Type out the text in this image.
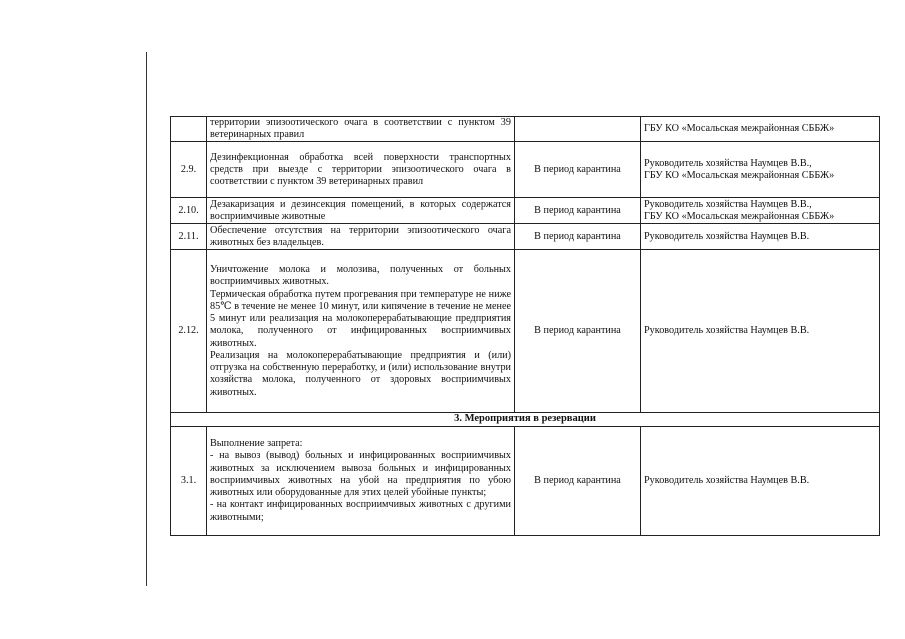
	территории эпизоотического очага в соответствии с пунктом 39 ветеринарных правил		ГБУ КО «Мосальская межрайонная СББЖ»

2.9.	Дезинфекционная обработка всей поверхности транспортных средств при выезде с территории эпизоотического очага в соответствии с пунктом 39 ветеринарных правил	В период карантина	Руководитель хозяйства Наумцев В.В.,
ГБУ КО «Мосальская межрайонная СББЖ»

2.10.	Дезакаризация и дезинсекция помещений, в которых содержатся восприимчивые животные	В период карантина	Руководитель хозяйства Наумцев В.В.,
ГБУ КО «Мосальская межрайонная СББЖ»

2.11.	Обеспечение отсутствия на территории эпизоотического очага животных без владельцев.	В период карантина	Руководитель хозяйства Наумцев В.В.

2.12.	Уничтожение молока и молозива, полученных от больных восприимчивых животных.

Термическая обработка путем прогревания при температуре не ниже 85℃ в течение не менее 10 минут, или кипячение в течение не менее 5 минут или реализация на молокоперерабатывающие предприятия молока, полученного от инфицированных восприимчивых животных.

Реализация на молокоперерабатывающие предприятия и (или) отгрузка на собственную переработку, и (или) использование внутри хозяйства молока, полученного от здоровых восприимчивых животных.	В период карантина	Руководитель хозяйства Наумцев В.В.

3. Мероприятия в резервации			
3.1.	Выполнение запрета:

- на вывоз (вывод) больных и инфицированных восприимчивых животных за исключением вывоза больных и инфицированных восприимчивых животных на убой на предприятия по убою животных или оборудованные для этих целей убойные пункты;

- на контакт инфицированных восприимчивых животных с другими животными;	В период карантина	Руководитель хозяйства Наумцев В.В.
